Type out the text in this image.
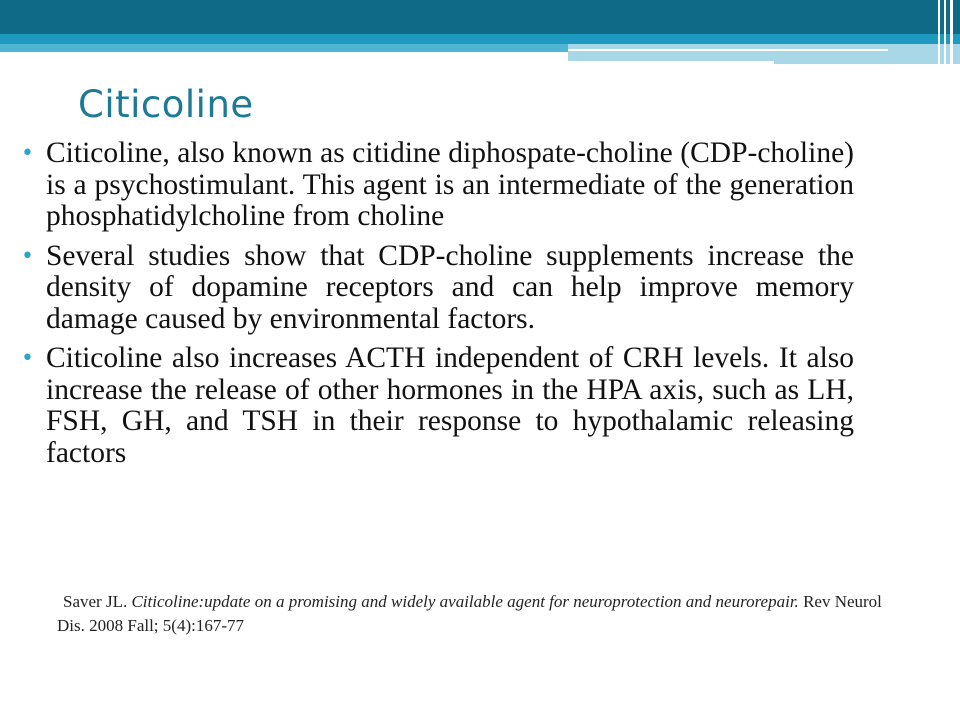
Citicoline
• Citicoline, also known as citidine diphospate-choline (CDP-choline) is a psychostimulant. This agent is an intermediate of the generation phosphatidylcholine from choline
• Several studies show that CDP-choline supplements increase the density of dopamine receptors and can help improve memory damage caused by environmental factors.
• Citicoline also increases ACTH independent of CRH levels. It also increase the release of other hormones in the HPA axis, such as LH, FSH, GH, and TSH in their response to hypothalamic releasing factors
Saver JL. Citicoline:update on a promising and widely available agent for neuroprotection and neurorepair. Rev Neurol Dis. 2008 Fall; 5(4):167-77
